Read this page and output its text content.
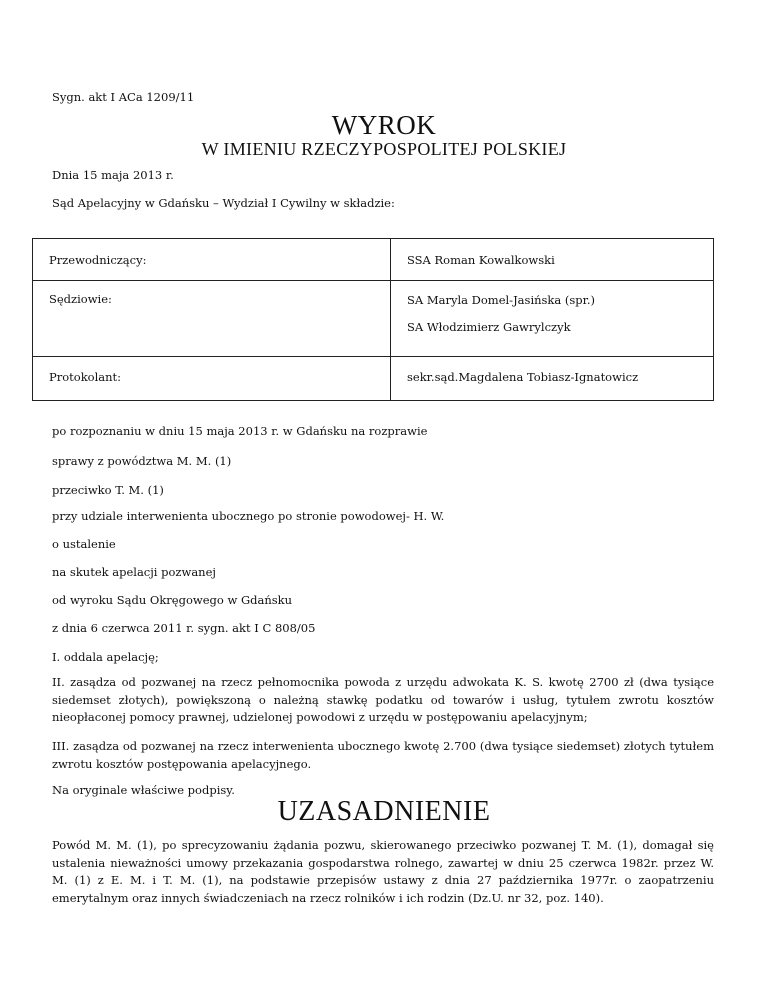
Sygn. akt I ACa 1209/11
WYROK
W IMIENIU RZECZYPOSPOLITEJ POLSKIEJ
Dnia 15 maja 2013 r.
Sąd Apelacyjny w Gdańsku – Wydział I Cywilny w składzie:
Przewodniczący:	SSA Roman Kowalkowski
Sędziowie:	SA Maryla Domel-Jasińska (spr.)
SA Włodzimierz Gawrylczyk

Protokolant:	sekr.sąd.Magdalena Tobiasz-Ignatowicz
po rozpoznaniu w dniu 15 maja 2013 r. w Gdańsku na rozprawie
sprawy z powództwa M. M. (1)
przeciwko T. M. (1)
przy udziale interwenienta ubocznego po stronie powodowej- H. W.
o ustalenie
na skutek apelacji pozwanej
od wyroku Sądu Okręgowego w Gdańsku
z dnia 6 czerwca 2011 r. sygn. akt I C 808/05
I. oddala apelację;
II. zasądza od pozwanej na rzecz pełnomocnika powoda z urzędu adwokata K. S. kwotę 2700 zł (dwa tysiące siedemset złotych), powiększoną o należną stawkę podatku od towarów i usług, tytułem zwrotu kosztów nieopłaconej pomocy prawnej, udzielonej powodowi z urzędu w postępowaniu apelacyjnym;
III. zasądza od pozwanej na rzecz interwenienta ubocznego kwotę 2.700 (dwa tysiące siedemset) złotych tytułem zwrotu kosztów postępowania apelacyjnego.
Na oryginale właściwe podpisy.
UZASADNIENIE
Powód M. M. (1), po sprecyzowaniu żądania pozwu, skierowanego przeciwko pozwanej T. M. (1), domagał się ustalenia nieważności umowy przekazania gospodarstwa rolnego, zawartej w dniu 25 czerwca 1982r. przez W. M. (1) z E. M. i T. M. (1), na podstawie przepisów ustawy z dnia 27 października 1977r. o zaopatrzeniu emerytalnym oraz innych świadczeniach na rzecz rolników i ich rodzin (Dz.U. nr 32, poz. 140).
